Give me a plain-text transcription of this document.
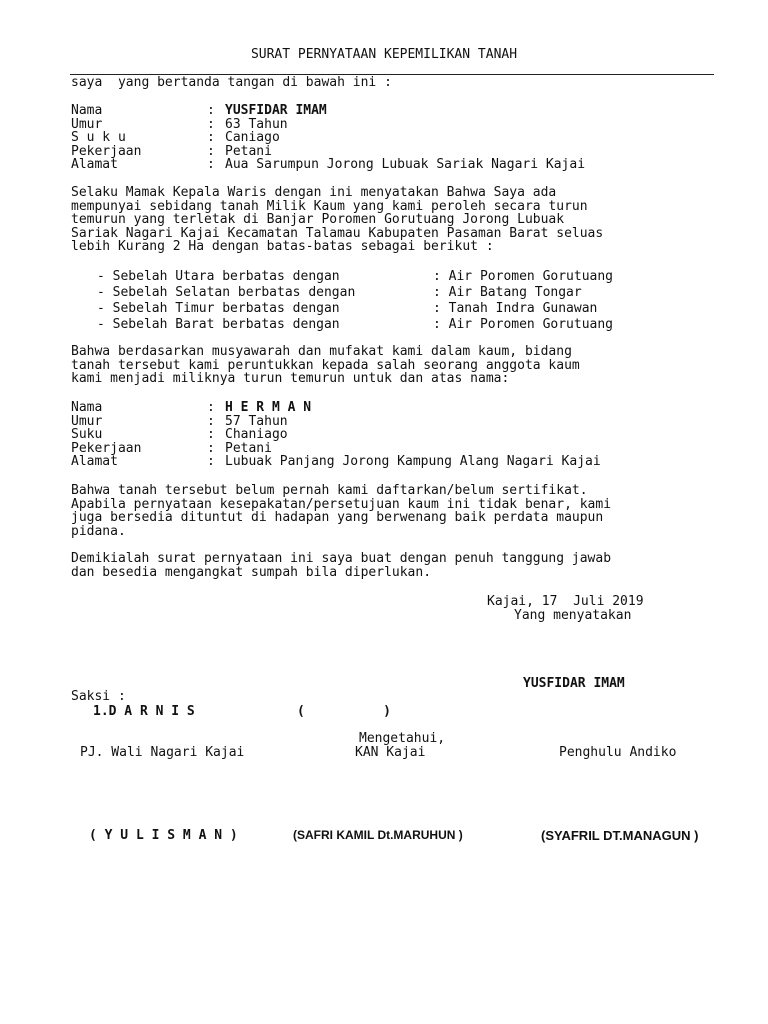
SURAT PERNYATAAN KEPEMILIKAN TANAH
saya  yang bertanda tangan di bawah ini :
Nama	: YUSFIDAR IMAM
Umur	: 63 Tahun
S u k u	: Caniago
Pekerjaan	: Petani
Alamat	: Aua Sarumpun Jorong Lubuak Sariak Nagari Kajai
Selaku Mamak Kepala Waris dengan ini menyatakan Bahwa Saya ada
mempunyai sebidang tanah Milik Kaum yang kami peroleh secara turun
temurun yang terletak di Banjar Poromen Gorutuang Jorong Lubuak
Sariak Nagari Kajai Kecamatan Talamau Kabupaten Pasaman Barat seluas
lebih Kurang 2 Ha dengan batas-batas sebagai berikut :
- Sebelah Utara berbatas dengan	: Air Poromen Gorutuang
- Sebelah Selatan berbatas dengan	: Air Batang Tongar
- Sebelah Timur berbatas dengan	: Tanah Indra Gunawan
- Sebelah Barat berbatas dengan	: Air Poromen Gorutuang
Bahwa berdasarkan musyawarah dan mufakat kami dalam kaum, bidang
tanah tersebut kami peruntukkan kepada salah seorang anggota kaum
kami menjadi miliknya turun temurun untuk dan atas nama:
Nama	: H E R M A N
Umur	: 57 Tahun
Suku	: Chaniago
Pekerjaan	: Petani
Alamat	: Lubuak Panjang Jorong Kampung Alang Nagari Kajai
Bahwa tanah tersebut belum pernah kami daftarkan/belum sertifikat.
Apabila pernyataan kesepakatan/persetujuan kaum ini tidak benar, kami
juga bersedia dituntut di hadapan yang berwenang baik perdata maupun
pidana.
Demikialah surat pernyataan ini saya buat dengan penuh tanggung jawab
dan besedia mengangkat sumpah bila diperlukan.
Kajai, 17  Juli 2019
Yang menyatakan
YUSFIDAR IMAM
Saksi :
1.D A R N I S	(          )
Mengetahui,
PJ. Wali Nagari Kajai	KAN Kajai	Penghulu Andiko
( Y U L I S M A N )	(SAFRI KAMIL Dt.MARUHUN )	(SYAFRIL DT.MANAGUN )
